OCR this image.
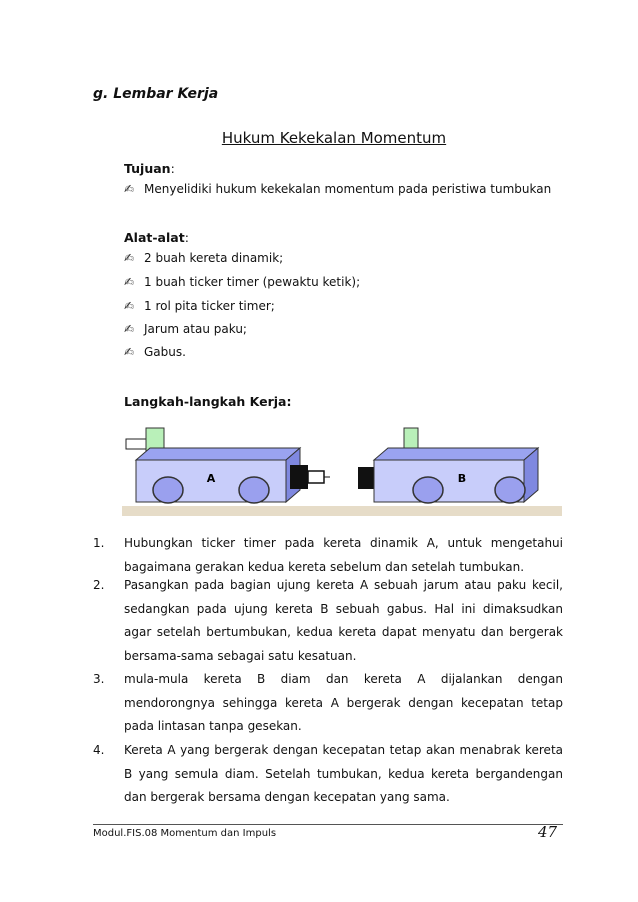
g. Lembar Kerja
Hukum Kekekalan Momentum
Tujuan:
✍ Menyelidiki hukum kekekalan momentum pada peristiwa tumbukan
Alat-alat:
✍ 2 buah kereta dinamik;
✍ 1 buah ticker timer (pewaktu ketik);
✍ 1 rol pita ticker timer;
✍ Jarum atau paku;
✍ Gabus.
Langkah-langkah Kerja:
A	B
1. Hubungkan ticker timer pada kereta dinamik A, untuk mengetahui bagaimana gerakan kedua kereta sebelum dan setelah tumbukan.
2. Pasangkan pada bagian ujung kereta A sebuah jarum atau paku kecil, sedangkan pada ujung kereta B sebuah gabus. Hal ini dimaksudkan agar setelah bertumbukan, kedua kereta dapat menyatu dan bergerak bersama-sama sebagai satu kesatuan.
3. mula-mula kereta B diam dan kereta A dijalankan dengan mendorongnya sehingga kereta A bergerak dengan kecepatan tetap pada lintasan tanpa gesekan.
4. Kereta A yang bergerak dengan kecepatan tetap akan menabrak kereta B yang semula diam. Setelah tumbukan, kedua kereta bergandengan dan bergerak bersama dengan kecepatan yang sama.
Modul.FIS.08 Momentum dan Impuls	47
